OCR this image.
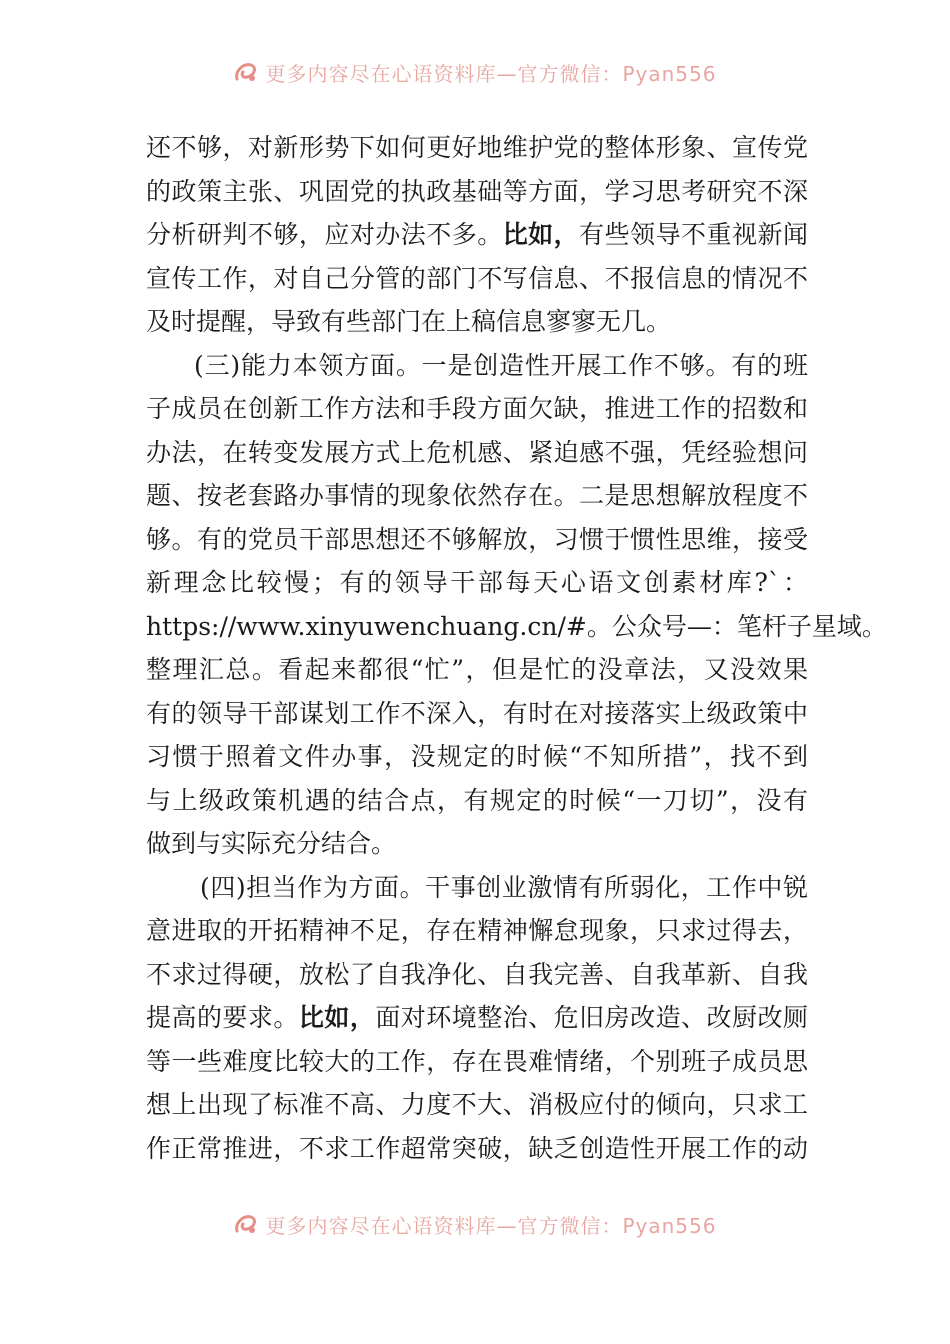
更多内容尽在心语资料库—官方微信：Pyan556
还不够，对新形势下如何更好地维护党的整体形象、宣传党
的政策主张、巩固党的执政基础等方面，学习思考研究不深
分析研判不够，应对办法不多。比如，有些领导不重视新闻
宣传工作，对自己分管的部门不写信息、不报信息的情况不
及时提醒，导致有些部门在上稿信息寥寥无几。
(三)能力本领方面。一是创造性开展工作不够。有的班
子成员在创新工作方法和手段方面欠缺，推进工作的招数和
办法，在转变发展方式上危机感、紧迫感不强，凭经验想问
题、按老套路办事情的现象依然存在。二是思想解放程度不
够。有的党员干部思想还不够解放，习惯于惯性思维，接受
新理念比较慢；有的领导干部每天心语文创素材库?`：
https://www.xinyuwenchuang.cn/#。公众号—：笔杆子星域。
整理汇总。看起来都很“忙”，但是忙的没章法，又没效果
有的领导干部谋划工作不深入，有时在对接落实上级政策中
习惯于照着文件办事，没规定的时候“不知所措”，找不到
与上级政策机遇的结合点，有规定的时候“一刀切”，没有
做到与实际充分结合。
(四)担当作为方面。干事创业激情有所弱化，工作中锐
意进取的开拓精神不足，存在精神懈怠现象，只求过得去，
不求过得硬，放松了自我净化、自我完善、自我革新、自我
提高的要求。比如，面对环境整治、危旧房改造、改厨改厕
等一些难度比较大的工作，存在畏难情绪，个别班子成员思
想上出现了标准不高、力度不大、消极应付的倾向，只求工
作正常推进，不求工作超常突破，缺乏创造性开展工作的动
更多内容尽在心语资料库—官方微信：Pyan556
